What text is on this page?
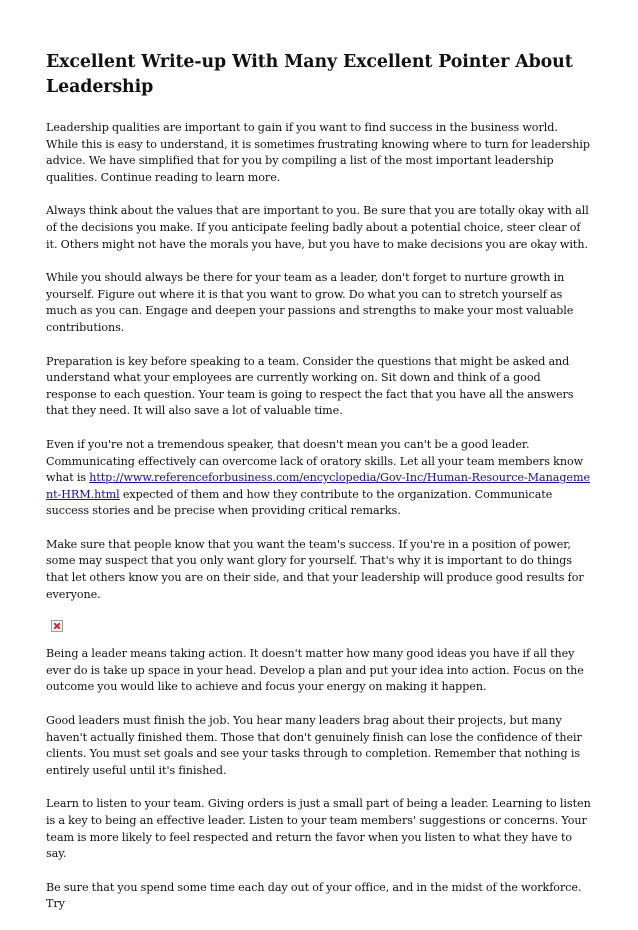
Excellent Write-up With Many Excellent Pointer About Leadership

Leadership qualities are important to gain if you want to find success in the business world. While this is easy to understand, it is sometimes frustrating knowing where to turn for leadership advice. We have simplified that for you by compiling a list of the most important leadership qualities. Continue reading to learn more.

Always think about the values that are important to you. Be sure that you are totally okay with all of the decisions you make. If you anticipate feeling badly about a potential choice, steer clear of it. Others might not have the morals you have, but you have to make decisions you are okay with.

While you should always be there for your team as a leader, don't forget to nurture growth in yourself. Figure out where it is that you want to grow. Do what you can to stretch yourself as much as you can. Engage and deepen your passions and strengths to make your most valuable contributions.

Preparation is key before speaking to a team. Consider the questions that might be asked and understand what your employees are currently working on. Sit down and think of a good response to each question. Your team is going to respect the fact that you have all the answers that they need. It will also save a lot of valuable time.

Even if you're not a tremendous speaker, that doesn't mean you can't be a good leader. Communicating effectively can overcome lack of oratory skills. Let all your team members know what is http://www.referenceforbusiness.com/encyclopedia/Gov-Inc/Human-Resource-Management-HRM.html expected of them and how they contribute to the organization. Communicate success stories and be precise when providing critical remarks.

Make sure that people know that you want the team's success. If you're in a position of power, some may suspect that you only want glory for yourself. That's why it is important to do things that let others know you are on their side, and that your leadership will produce good results for everyone.

Being a leader means taking action. It doesn't matter how many good ideas you have if all they ever do is take up space in your head. Develop a plan and put your idea into action. Focus on the outcome you would like to achieve and focus your energy on making it happen.

Good leaders must finish the job. You hear many leaders brag about their projects, but many haven't actually finished them. Those that don't genuinely finish can lose the confidence of their clients. You must set goals and see your tasks through to completion. Remember that nothing is entirely useful until it's finished.

Learn to listen to your team. Giving orders is just a small part of being a leader. Learning to listen is a key to being an effective leader. Listen to your team members' suggestions or concerns. Your team is more likely to feel respected and return the favor when you listen to what they have to say.

Be sure that you spend some time each day out of your office, and in the midst of the workforce. Try
